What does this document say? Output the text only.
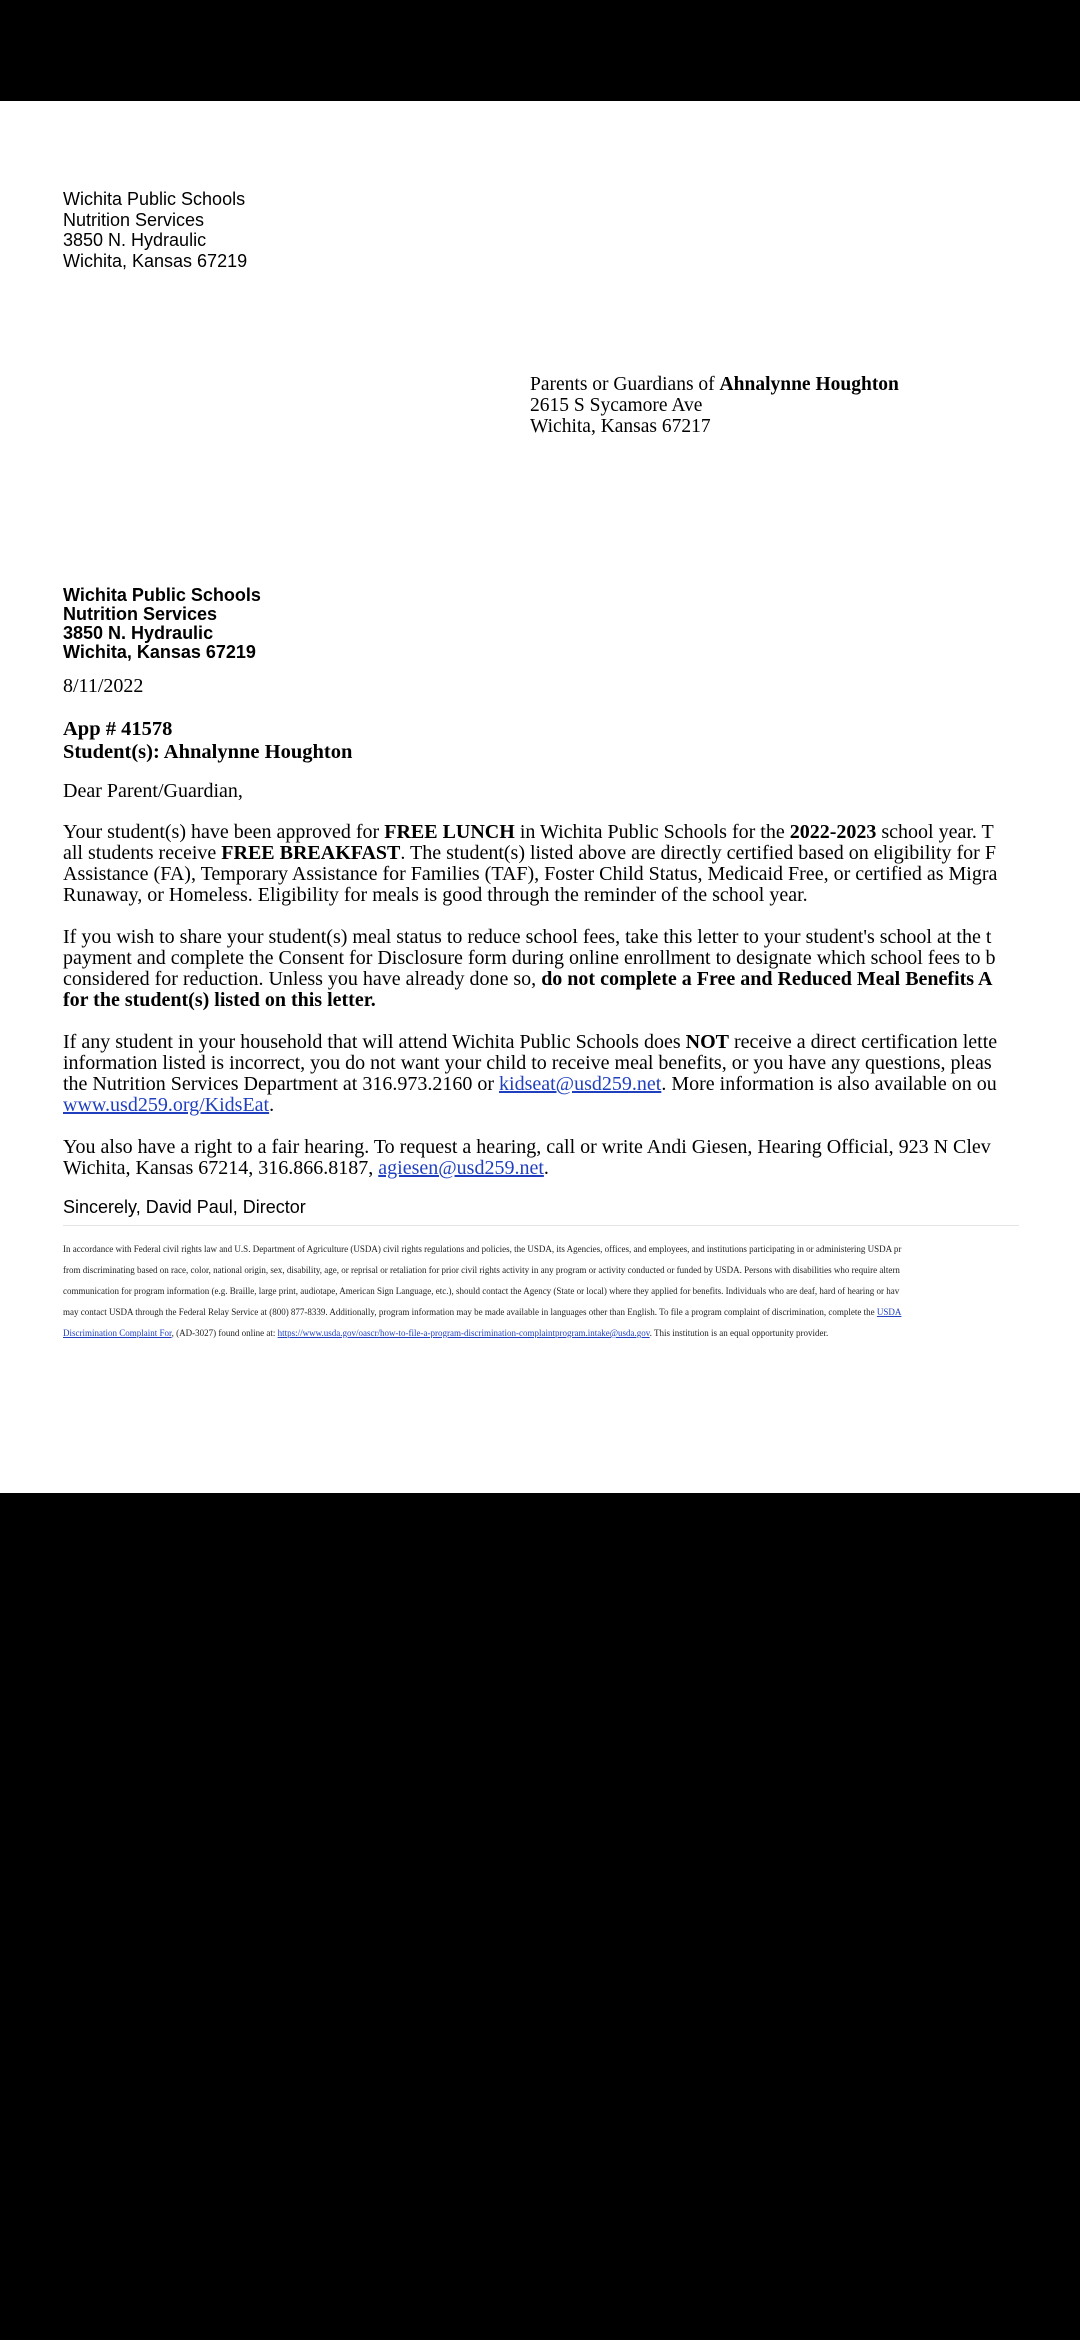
Wichita Public Schools
Nutrition Services
3850 N. Hydraulic
Wichita, Kansas 67219
Parents or Guardians of Ahnalynne Houghton
2615 S Sycamore Ave
Wichita, Kansas 67217
Wichita Public Schools
Nutrition Services
3850 N. Hydraulic
Wichita, Kansas 67219
8/11/2022
App # 41578
Student(s): Ahnalynne Houghton
Dear Parent/Guardian,
Your student(s) have been approved for FREE LUNCH in Wichita Public Schools for the 2022-2023 school year. T
all students receive FREE BREAKFAST. The student(s) listed above are directly certified based on eligibility for F
Assistance (FA), Temporary Assistance for Families (TAF), Foster Child Status, Medicaid Free, or certified as Migra
Runaway, or Homeless. Eligibility for meals is good through the reminder of the school year.
If you wish to share your student(s) meal status to reduce school fees, take this letter to your student's school at the t
payment and complete the Consent for Disclosure form during online enrollment to designate which school fees to b
considered for reduction. Unless you have already done so, do not complete a Free and Reduced Meal Benefits A
for the student(s) listed on this letter.
If any student in your household that will attend Wichita Public Schools does NOT receive a direct certification lette
information listed is incorrect, you do not want your child to receive meal benefits, or you have any questions, pleas
the Nutrition Services Department at 316.973.2160 or kidseat@usd259.net. More information is also available on ou
www.usd259.org/KidsEat.
You also have a right to a fair hearing. To request a hearing, call or write Andi Giesen, Hearing Official, 923 N Clev
Wichita, Kansas 67214, 316.866.8187, agiesen@usd259.net.
Sincerely, David Paul, Director
In accordance with Federal civil rights law and U.S. Department of Agriculture (USDA) civil rights regulations and policies, the USDA, its Agencies, offices, and employees, and institutions participating in or administering USDA pr
from discriminating based on race, color, national origin, sex, disability, age, or reprisal or retaliation for prior civil rights activity in any program or activity conducted or funded by USDA. Persons with disabilities who require altern
communication for program information (e.g. Braille, large print, audiotape, American Sign Language, etc.), should contact the Agency (State or local) where they applied for benefits. Individuals who are deaf, hard of hearing or hav
may contact USDA through the Federal Relay Service at (800) 877-8339. Additionally, program information may be made available in languages other than English. To file a program complaint of discrimination, complete the USDA
Discrimination Complaint For, (AD-3027) found online at: https://www.usda.gov/oascr/how-to-file-a-program-discrimination-complaintprogram.intake@usda.gov. This institution is an equal opportunity provider.
